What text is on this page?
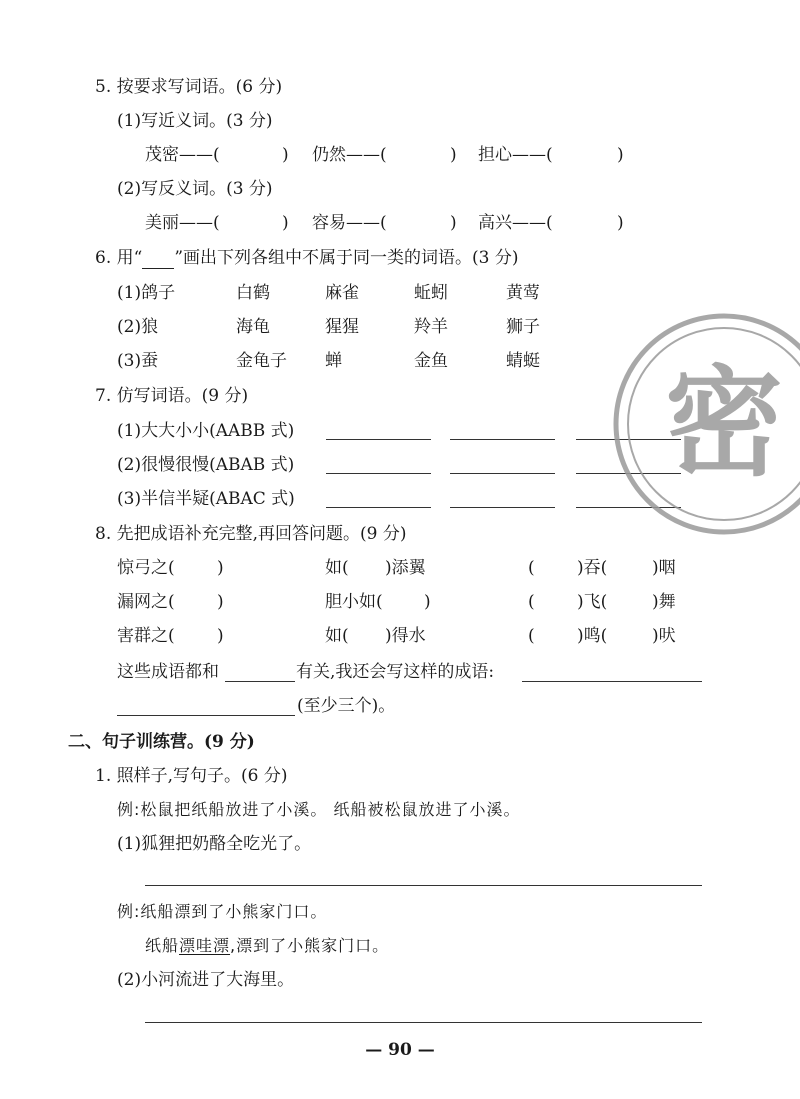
5. 按要求写词语。(6 分)
(1)写近义词。(3 分)
茂密——(	) 仍然——(	) 担心——(	)
(2)写反义词。(3 分)
美丽——(	) 容易——(	) 高兴——(	)
6. 用“ ”画出下列各组中不属于同一类的词语。(3 分)
(1)鸽子	白鹤	麻雀	蚯蚓	黄莺
(2)狼	海龟	猩猩	羚羊	狮子
(3)蚕	金龟子 蝉	金鱼	蜻蜓
7. 仿写词语。(9 分)
(1)大大小小(AABB 式)
(2)很慢很慢(ABAB 式)
(3)半信半疑(ABAC 式)
8. 先把成语补充完整,再回答问题。(9 分)
惊弓之( )	如( )添翼	( )吞(	)咽
漏网之( )	胆小如( )	( )飞(	)舞
害群之( )	如( )得水	( )鸣(	)吠
这些成语都和	有关,我还会写这样的成语:
(至少三个)。
二、句子训练营。(9 分)
1. 照样子,写句子。(6 分)
例:松鼠把纸船放进了小溪。 纸船被松鼠放进了小溪。
(1)狐狸把奶酪全吃光了。
例:纸船漂到了小熊家门口。
纸船漂哇漂,漂到了小熊家门口。
(2)小河流进了大海里。
密
— 90 —
